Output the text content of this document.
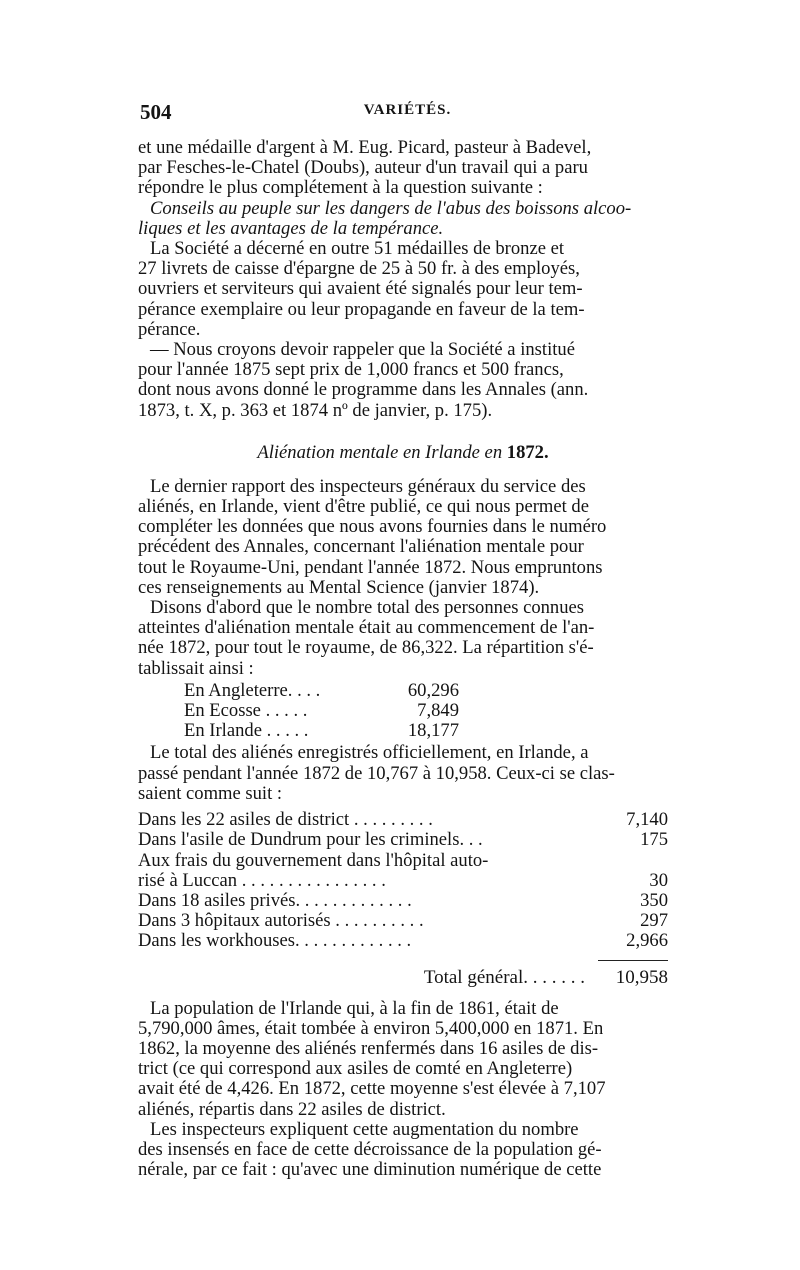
504	VARIÉTÉS.

et une médaille d'argent à M. Eug. Picard, pasteur à Badevel,
par Fesches-le-Chatel (Doubs), auteur d'un travail qui a paru
répondre le plus complétement à la question suivante :
Conseils au peuple sur les dangers de l'abus des boissons alcoo-
liques et les avantages de la tempérance.

La Société a décerné en outre 51 médailles de bronze et
27 livrets de caisse d'épargne de 25 à 50 fr. à des employés,
ouvriers et serviteurs qui avaient été signalés pour leur tem-
pérance exemplaire ou leur propagande en faveur de la tem-
pérance.

— Nous croyons devoir rappeler que la Société a institué
pour l'année 1875 sept prix de 1,000 francs et 500 francs,
dont nous avons donné le programme dans les Annales (ann.
1873, t. X, p. 363 et 1874 nº de janvier, p. 175).

Aliénation mentale en Irlande en 1872.

Le dernier rapport des inspecteurs généraux du service des
aliénés, en Irlande, vient d'être publié, ce qui nous permet de
compléter les données que nous avons fournies dans le numéro
précédent des Annales, concernant l'aliénation mentale pour
tout le Royaume-Uni, pendant l'année 1872. Nous empruntons
ces renseignements au Mental Science (janvier 1874).

Disons d'abord que le nombre total des personnes connues
atteintes d'aliénation mentale était au commencement de l'an-
née 1872, pour tout le royaume, de 86,322. La répartition s'é-
tablissait ainsi :

En Angleterre. . . .	60,296
En Ecosse . . . . .	7,849
En Irlande . . . . .	18,177

Le total des aliénés enregistrés officiellement, en Irlande, a
passé pendant l'année 1872 de 10,767 à 10,958. Ceux-ci se clas-
saient comme suit :

Dans les 22 asiles de district . . . . . . . . .	7,140
Dans l'asile de Dundrum pour les criminels. . .	175
Aux frais du gouvernement dans l'hôpital auto-
risé à Luccan . . . . . . . . . . . . . . . .	30
Dans 18 asiles privés. . . . . . . . . . . . .	350
Dans 3 hôpitaux autorisés . . . . . . . . . .	297
Dans les workhouses. . . . . . . . . . . . .	2,966
Total général. . . . . . .	10,958

La population de l'Irlande qui, à la fin de 1861, était de
5,790,000 âmes, était tombée à environ 5,400,000 en 1871. En
1862, la moyenne des aliénés renfermés dans 16 asiles de dis-
trict (ce qui correspond aux asiles de comté en Angleterre)
avait été de 4,426. En 1872, cette moyenne s'est élevée à 7,107
aliénés, répartis dans 22 asiles de district.

Les inspecteurs expliquent cette augmentation du nombre
des insensés en face de cette décroissance de la population gé-
nérale, par ce fait : qu'avec une diminution numérique de cette
